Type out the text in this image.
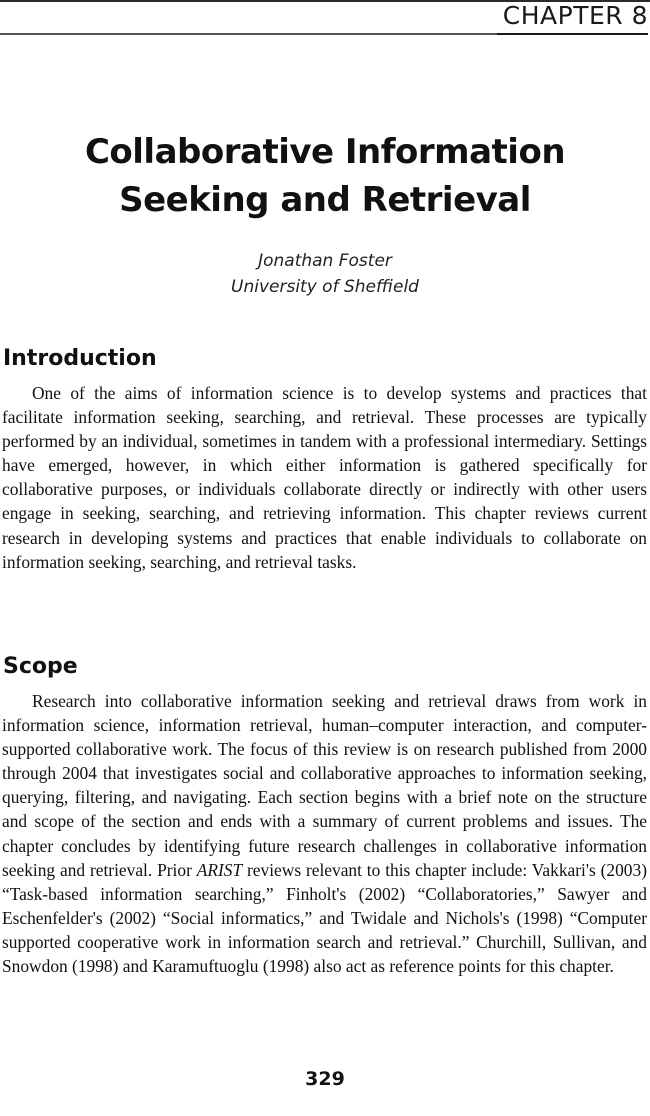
CHAPTER 8
Collaborative Information
Seeking and Retrieval
Jonathan Foster
University of Sheffield
Introduction

One of the aims of information science is to develop systems and practices that facilitate information seeking, searching, and retrieval. These processes are typically performed by an individual, sometimes in tandem with a professional intermediary. Settings have emerged, however, in which either information is gathered specifically for collaborative purposes, or individuals collaborate directly or indirectly with other users engage in seeking, searching, and retrieving information. This chapter reviews current research in developing systems and practices that enable individuals to collaborate on information seeking, searching, and retrieval tasks.

Scope

Research into collaborative information seeking and retrieval draws from work in information science, information retrieval, human–computer interaction, and computer-supported collaborative work. The focus of this review is on research published from 2000 through 2004 that investigates social and collaborative approaches to information seeking, querying, filtering, and navigating. Each section begins with a brief note on the structure and scope of the section and ends with a summary of current problems and issues. The chapter concludes by identifying future research challenges in collaborative information seeking and retrieval. Prior ARIST reviews relevant to this chapter include: Vakkari's (2003) “Task-based information searching,” Finholt's (2002) “Collaboratories,” Sawyer and Eschenfelder's (2002) “Social informatics,” and Twidale and Nichols's (1998) “Computer supported cooperative work in information search and retrieval.” Churchill, Sullivan, and Snowdon (1998) and Karamuftuoglu (1998) also act as reference points for this chapter.

329
